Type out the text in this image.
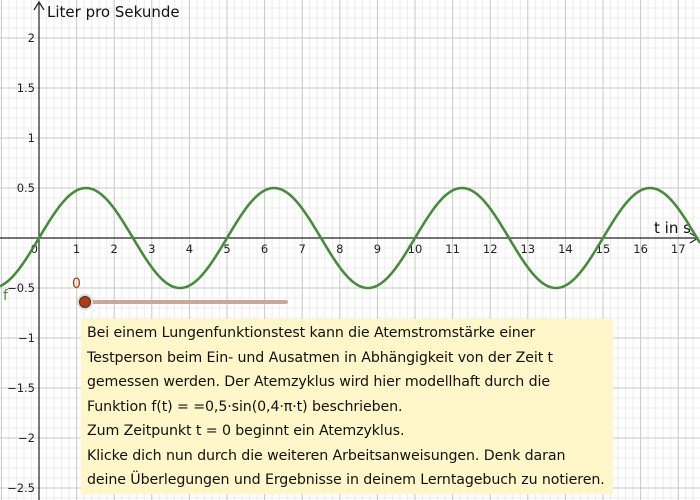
0	1	2	3	4	5	6	7	8	9 10 11 12 13 14 15 16 17
2
1.5
1
0.5
−0.5
−1
−1.5
−2
−2.5
Liter pro Sekunde
t in s
f
0

Bei einem Lungenfunktionstest kann die Atemstromstärke einer

Testperson beim Ein- und Ausatmen in Abhängigkeit von der Zeit t

gemessen werden. Der Atemzyklus wird hier modellhaft durch die

Funktion f(t) = =0,5·sin(0,4·π·t) beschrieben.

Zum Zeitpunkt t = 0 beginnt ein Atemzyklus.

Klicke dich nun durch die weiteren Arbeitsanweisungen. Denk daran

deine Überlegungen und Ergebnisse in deinem Lerntagebuch zu notieren.
